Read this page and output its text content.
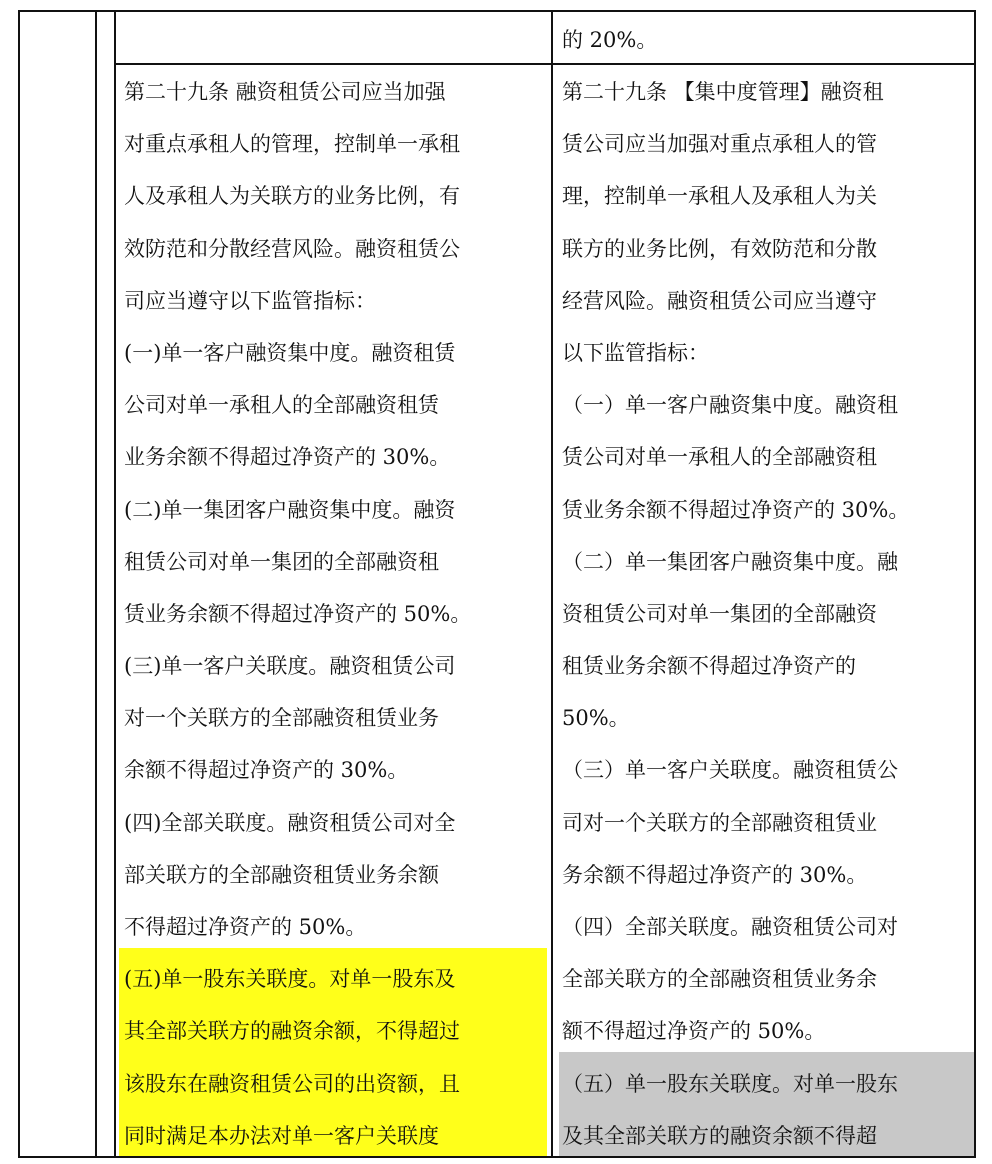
的 20%。
第二十九条 融资租赁公司应当加强
对重点承租人的管理，控制单一承租
人及承租人为关联方的业务比例，有
效防范和分散经营风险。融资租赁公
司应当遵守以下监管指标：
(一)单一客户融资集中度。融资租赁
公司对单一承租人的全部融资租赁
业务余额不得超过净资产的 30%。
(二)单一集团客户融资集中度。融资
租赁公司对单一集团的全部融资租
赁业务余额不得超过净资产的 50%。
(三)单一客户关联度。融资租赁公司
对一个关联方的全部融资租赁业务
余额不得超过净资产的 30%。
(四)全部关联度。融资租赁公司对全
部关联方的全部融资租赁业务余额
不得超过净资产的 50%。
(五)单一股东关联度。对单一股东及
其全部关联方的融资余额，不得超过
该股东在融资租赁公司的出资额，且
同时满足本办法对单一客户关联度
第二十九条 【集中度管理】融资租
赁公司应当加强对重点承租人的管
理，控制单一承租人及承租人为关
联方的业务比例，有效防范和分散
经营风险。融资租赁公司应当遵守
以下监管指标：
（一）单一客户融资集中度。融资租
赁公司对单一承租人的全部融资租
赁业务余额不得超过净资产的 30%。
（二）单一集团客户融资集中度。融
资租赁公司对单一集团的全部融资
租赁业务余额不得超过净资产的
50%。
（三）单一客户关联度。融资租赁公
司对一个关联方的全部融资租赁业
务余额不得超过净资产的 30%。
（四）全部关联度。融资租赁公司对
全部关联方的全部融资租赁业务余
额不得超过净资产的 50%。
（五）单一股东关联度。对单一股东
及其全部关联方的融资余额不得超
